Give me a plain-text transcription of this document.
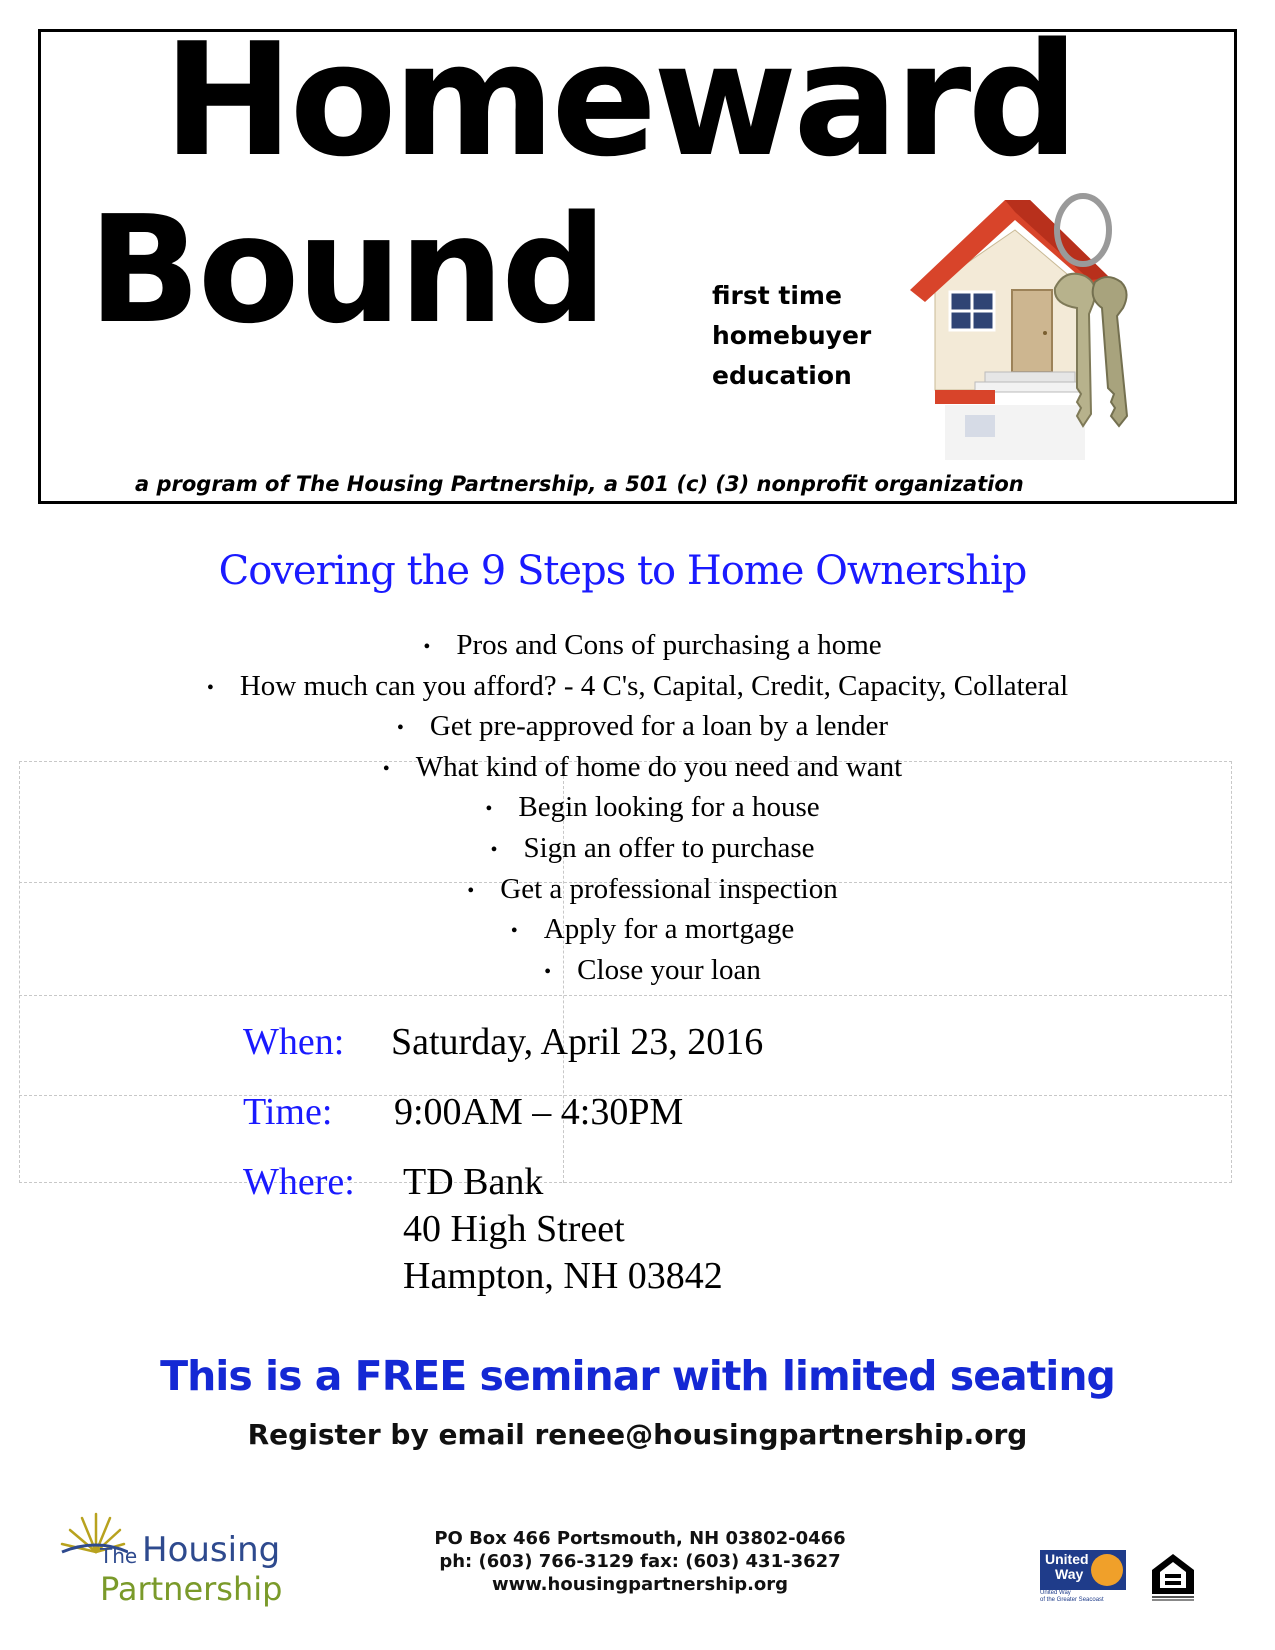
Homeward
Bound	first time
homebuyer
education
a program of The Housing Partnership, a 501 (c) (3) nonprofit organization
Covering the 9 Steps to Home Ownership
• Pros and Cons of purchasing a home
• How much can you afford? - 4 C's, Capital, Credit, Capacity, Collateral
• Get pre-approved for a loan by a lender
• What kind of home do you need and want
• Begin looking for a house
• Sign an offer to purchase
• Get a professional inspection
• Apply for a mortgage
• Close your loan
When: Saturday, April 23, 2016
Time: 9:00AM – 4:30PM
Where: TD Bank
40 High Street
Hampton, NH 03842
This is a FREE seminar with limited seating
Register by email renee@housingpartnership.org
The Housing
Partnership
PO Box 466 Portsmouth, NH 03802-0466
ph: (603) 766-3129 fax: (603) 431-3627
www.housingpartnership.org
United
Way
United Way
of the Greater Seacoast
